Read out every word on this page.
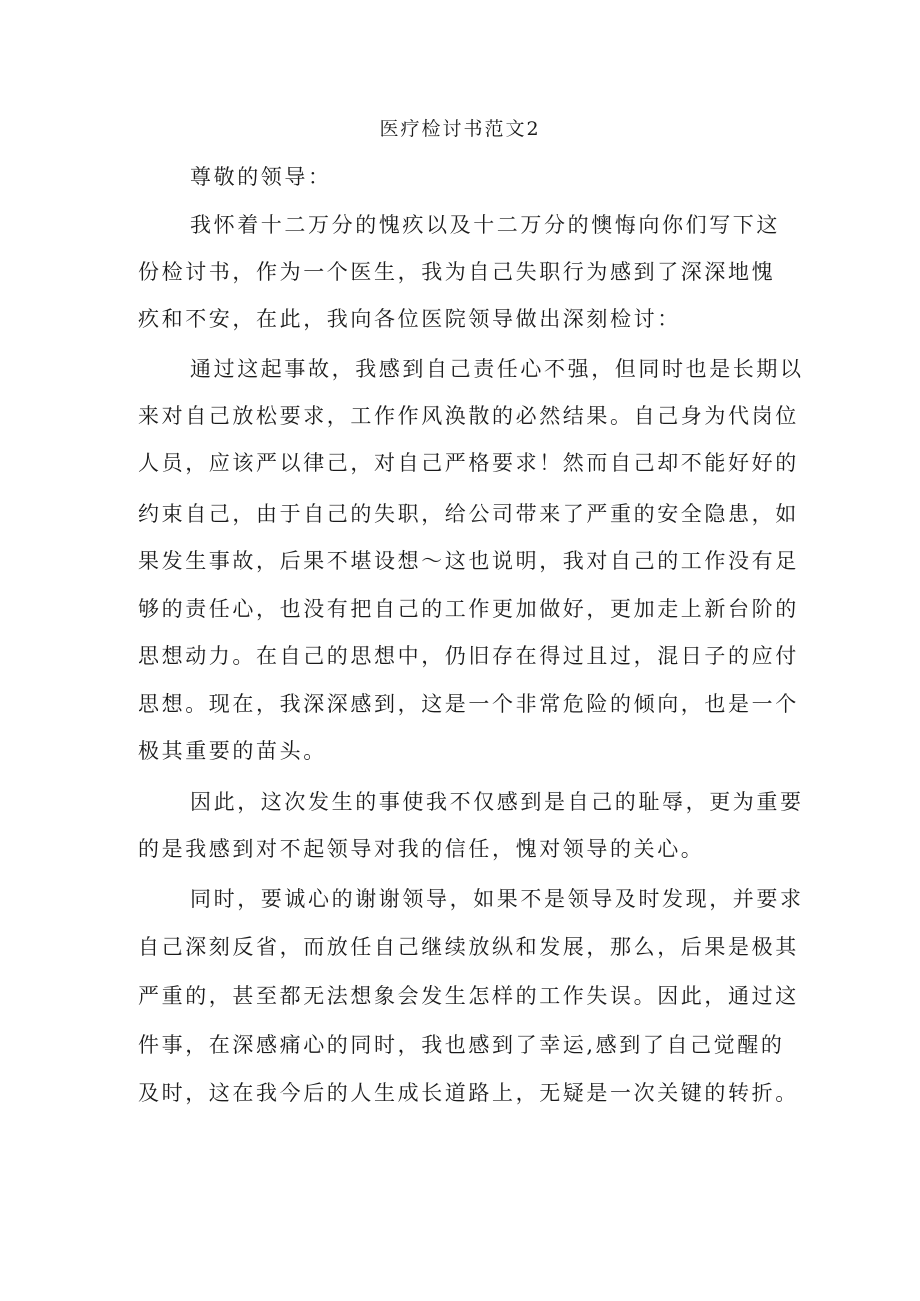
医疗检讨书范文2
尊敬的领导：
我怀着十二万分的愧疚以及十二万分的懊悔向你们写下这
份检讨书，作为一个医生，我为自己失职行为感到了深深地愧
疚和不安，在此，我向各位医院领导做出深刻检讨：
通过这起事故，我感到自己责任心不强，但同时也是长期以
来对自己放松要求，工作作风涣散的必然结果。自己身为代岗位
人员，应该严以律己，对自己严格要求！然而自己却不能好好的
约束自己，由于自己的失职，给公司带来了严重的安全隐患，如
果发生事故，后果不堪设想～这也说明，我对自己的工作没有足
够的责任心，也没有把自己的工作更加做好，更加走上新台阶的
思想动力。在自己的思想中，仍旧存在得过且过，混日子的应付
思想。现在，我深深感到，这是一个非常危险的倾向，也是一个
极其重要的苗头。
因此，这次发生的事使我不仅感到是自己的耻辱，更为重要
的是我感到对不起领导对我的信任，愧对领导的关心。
同时，要诚心的谢谢领导，如果不是领导及时发现，并要求
自己深刻反省，而放任自己继续放纵和发展，那么，后果是极其
严重的，甚至都无法想象会发生怎样的工作失误。因此，通过这
件事，在深感痛心的同时，我也感到了幸运,感到了自己觉醒的
及时，这在我今后的人生成长道路上，无疑是一次关键的转折。
